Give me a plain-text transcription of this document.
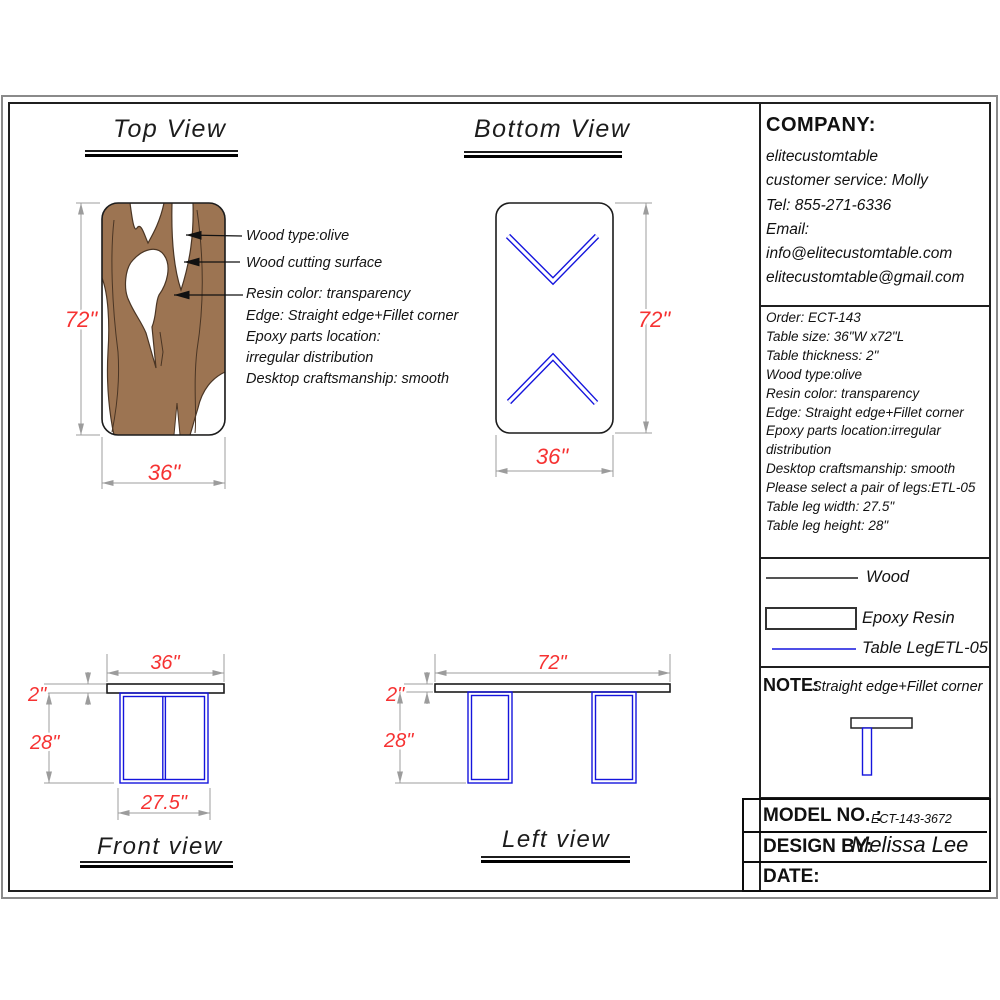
72"
36"
72"
36"
36"
2"
28"
27.5"
72"
2"
28"
Top View	Bottom View
Front view	Left view
Wood type:olive
Wood cutting surface
Resin color: transparency
Edge: Straight edge+Fillet corner
Epoxy parts location:
irregular distribution
Desktop craftsmanship: smooth
COMPANY:
elitecustomtable
customer service: Molly
Tel: 855-271-6336
Email:
info@elitecustomtable.com
elitecustomtable@gmail.com
Order: ECT-143
Table size: 36"W x72"L
Table thickness: 2"
Wood type:olive
Resin color: transparency
Edge: Straight edge+Fillet corner
Epoxy parts location:irregular
distribution
Desktop craftsmanship: smooth
Please select a pair of legs:ETL-05
Table leg width: 27.5"
Table leg height: 28"
Wood
Epoxy Resin
Table LegETL-05
NOTE:
Straight edge+Fillet corner
MODEL NO. :
ECT-143-3672
DESIGN BY:
Melissa Lee
DATE:
